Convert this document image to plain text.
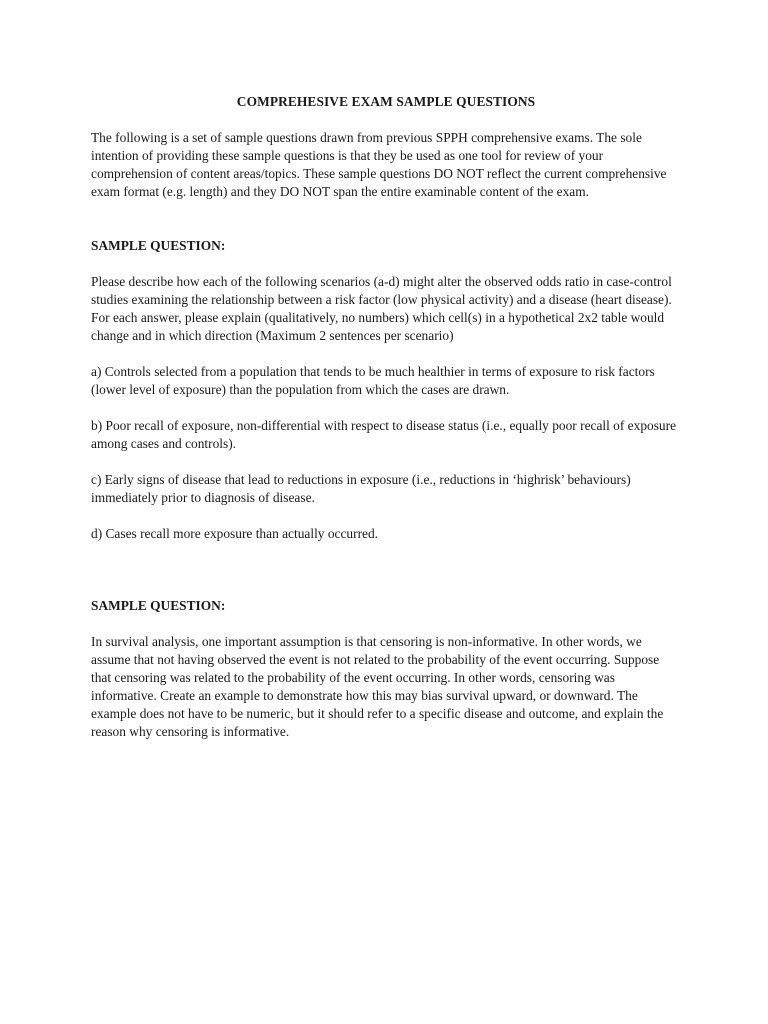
COMPREHESIVE EXAM SAMPLE QUESTIONS

The following is a set of sample questions drawn from previous SPPH comprehensive exams. The sole intention of providing these sample questions is that they be used as one tool for review of your comprehension of content areas/topics. These sample questions DO NOT reflect the current comprehensive exam format (e.g. length) and they DO NOT span the entire examinable content of the exam.

SAMPLE QUESTION:

Please describe how each of the following scenarios (a-d) might alter the observed odds ratio in case-control studies examining the relationship between a risk factor (low physical activity) and a disease (heart disease). For each answer, please explain (qualitatively, no numbers) which cell(s) in a hypothetical 2x2 table would change and in which direction (Maximum 2 sentences per scenario)

a) Controls selected from a population that tends to be much healthier in terms of exposure to risk factors (lower level of exposure) than the population from which the cases are drawn.

b) Poor recall of exposure, non-differential with respect to disease status (i.e., equally poor recall of exposure among cases and controls).

c) Early signs of disease that lead to reductions in exposure (i.e., reductions in ‘highrisk’ behaviours) immediately prior to diagnosis of disease.

d) Cases recall more exposure than actually occurred.

SAMPLE QUESTION:

In survival analysis, one important assumption is that censoring is non-informative. In other words, we assume that not having observed the event is not related to the probability of the event occurring. Suppose that censoring was related to the probability of the event occurring. In other words, censoring was informative. Create an example to demonstrate how this may bias survival upward, or downward. The example does not have to be numeric, but it should refer to a specific disease and outcome, and explain the reason why censoring is informative.
